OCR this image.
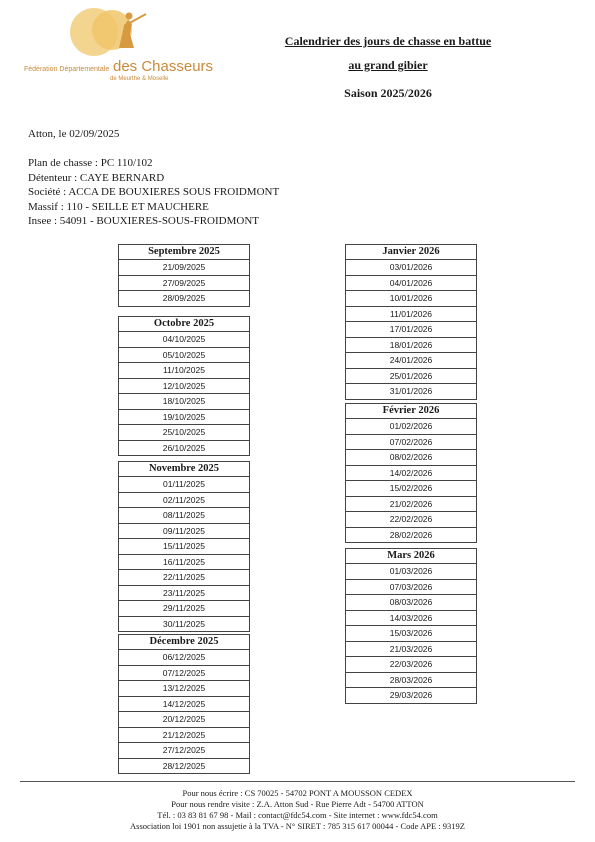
Fédération Départementale des Chasseurs
de Meurthe & Moselle
Calendrier des jours de chasse en battue
au grand gibier
Saison 2025/2026
Atton, le 02/09/2025
Plan de chasse : PC 110/102
Détenteur : CAYE BERNARD
Société : ACCA DE BOUXIERES SOUS FROIDMONT
Massif : 110 - SEILLE ET MAUCHERE
Insee : 54091 - BOUXIERES-SOUS-FROIDMONT
Septembre 2025
21/09/2025
27/09/2025
28/09/2025
Octobre 2025
04/10/2025
05/10/2025
11/10/2025
12/10/2025
18/10/2025
19/10/2025
25/10/2025
26/10/2025
Novembre 2025
01/11/2025
02/11/2025
08/11/2025
09/11/2025
15/11/2025
16/11/2025
22/11/2025
23/11/2025
29/11/2025
30/11/2025
Décembre 2025
06/12/2025
07/12/2025
13/12/2025
14/12/2025
20/12/2025
21/12/2025
27/12/2025
28/12/2025
Janvier 2026
03/01/2026
04/01/2026
10/01/2026
11/01/2026
17/01/2026
18/01/2026
24/01/2026
25/01/2026
31/01/2026
Février 2026
01/02/2026
07/02/2026
08/02/2026
14/02/2026
15/02/2026
21/02/2026
22/02/2026
28/02/2026
Mars 2026
01/03/2026
07/03/2026
08/03/2026
14/03/2026
15/03/2026
21/03/2026
22/03/2026
28/03/2026
29/03/2026
Pour nous écrire : CS 70025 - 54702 PONT A MOUSSON CEDEX
Pour nous rendre visite : Z.A. Atton Sud - Rue Pierre Adt - 54700 ATTON
Tél. : 03 83 81 67 98 - Mail : contact@fdc54.com - Site internet : www.fdc54.com
Association loi 1901 non assujetie à la TVA - N° SIRET : 785 315 617 00044 - Code APE : 9319Z
